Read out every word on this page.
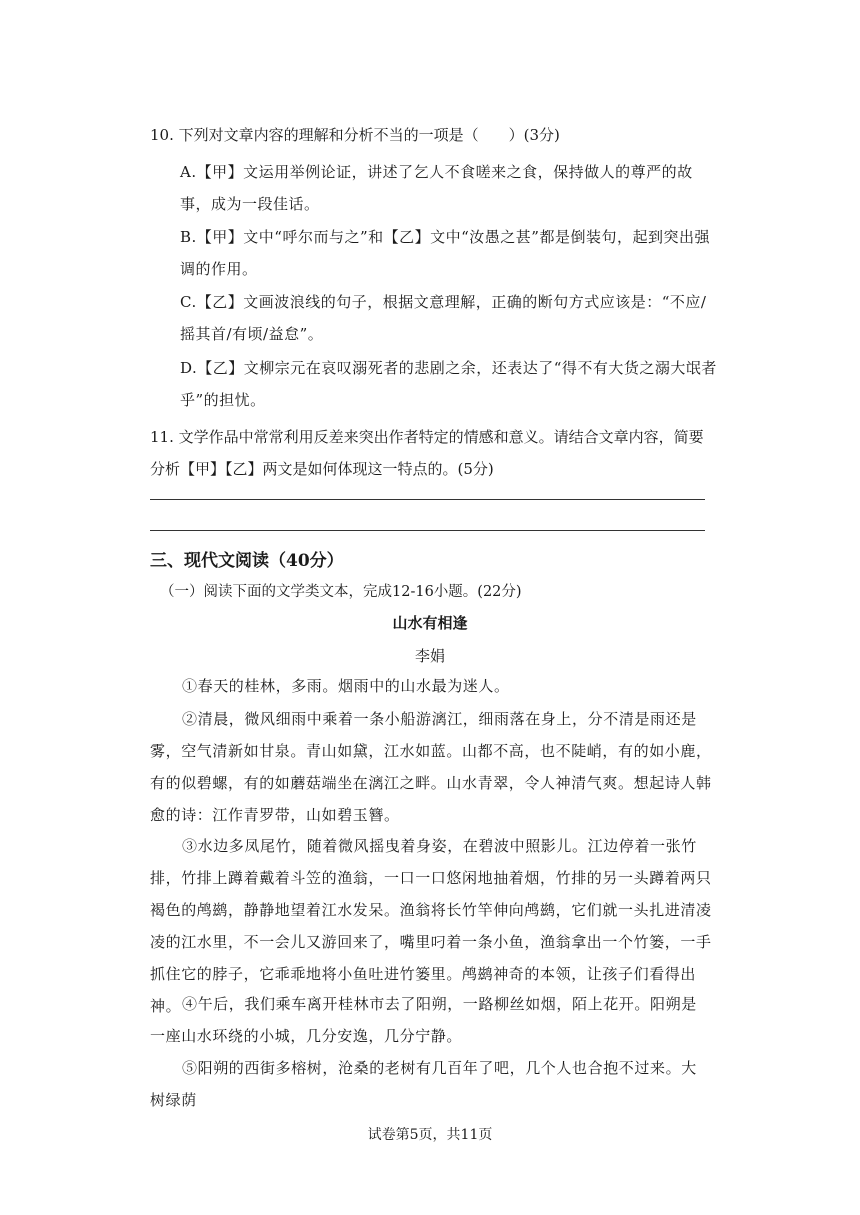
10. 下列对文章内容的理解和分析不当的一项是（　　）(3分)
A.【甲】文运用举例论证，讲述了乞人不食嗟来之食，保持做人的尊严的故事，成为一段佳话。
B.【甲】文中“呼尔而与之”和【乙】文中“汝愚之甚”都是倒装句，起到突出强调的作用。
C.【乙】文画波浪线的句子，根据文意理解，正确的断句方式应该是：“不应/摇其首/有顷/益怠”。
D.【乙】文柳宗元在哀叹溺死者的悲剧之余，还表达了“得不有大货之溺大氓者乎”的担忧。
11. 文学作品中常常利用反差来突出作者特定的情感和意义。请结合文章内容，简要分析【甲】【乙】两文是如何体现这一特点的。(5分)
三、现代文阅读（40分）
（一）阅读下面的文学类文本，完成12-16小题。(22分)
山水有相逢
李娟
①春天的桂林，多雨。烟雨中的山水最为迷人。
②清晨，微风细雨中乘着一条小船游漓江，细雨落在身上，分不清是雨还是雾，空气清新如甘泉。青山如黛，江水如蓝。山都不高，也不陡峭，有的如小鹿，有的似碧螺，有的如蘑菇端坐在漓江之畔。山水青翠，令人神清气爽。想起诗人韩愈的诗：江作青罗带，山如碧玉簪。
③水边多凤尾竹，随着微风摇曳着身姿，在碧波中照影儿。江边停着一张竹排，竹排上蹲着戴着斗笠的渔翁，一口一口悠闲地抽着烟，竹排的另一头蹲着两只褐色的鸬鹚，静静地望着江水发呆。渔翁将长竹竿伸向鸬鹚，它们就一头扎进清凌凌的江水里，不一会儿又游回来了，嘴里叼着一条小鱼，渔翁拿出一个竹篓，一手抓住它的脖子，它乖乖地将小鱼吐进竹篓里。鸬鹚神奇的本领，让孩子们看得出神。 ④午后，我们乘车离开桂林市去了阳朔，一路柳丝如烟，陌上花开。阳朔是一座山水环绕的小城，几分安逸，几分宁静。
⑤阳朔的西街多榕树，沧桑的老树有几百年了吧，几个人也合抱不过来。大树绿荫
试卷第5页，共11页
